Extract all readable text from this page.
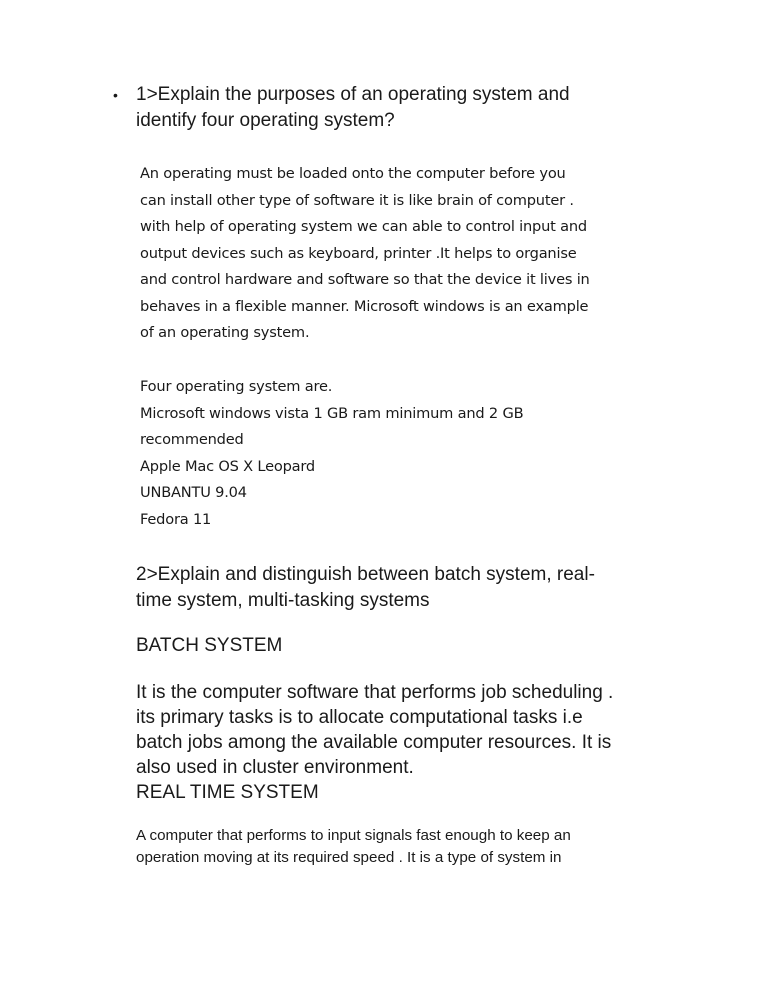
• 1>Explain the purposes of an operating system and
identify four operating system?
An operating must be loaded onto the computer before you
can install other type of software it is like brain of computer .
with help of operating system we can able to control input and
output devices such as keyboard, printer .It helps to organise
and control hardware and software so that the device it lives in
behaves in a flexible manner. Microsoft windows is an example
of an operating system.
Four operating system are.
Microsoft windows vista 1 GB ram minimum and 2 GB
recommended
Apple Mac OS X Leopard
UNBANTU 9.04
Fedora 11
2>Explain and distinguish between batch system, real-
time system, multi-tasking systems
BATCH SYSTEM
It is the computer software that performs job scheduling .
its primary tasks is to allocate computational tasks i.e
batch jobs among the available computer resources. It is
also used in cluster environment.
REAL TIME SYSTEM
A computer that performs to input signals fast enough to keep an
operation moving at its required speed . It is a type of system in
